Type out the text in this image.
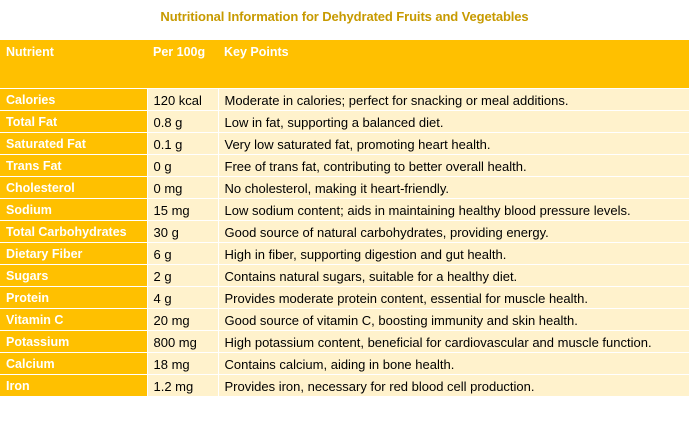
Nutritional Information for Dehydrated Fruits and Vegetables
Nutrient	Per 100g	Key Points
Calories	120 kcal	Moderate in calories; perfect for snacking or meal additions.
Total Fat	0.8 g	Low in fat, supporting a balanced diet.
Saturated Fat	0.1 g	Very low saturated fat, promoting heart health.
Trans Fat	0 g	Free of trans fat, contributing to better overall health.
Cholesterol	0 mg	No cholesterol, making it heart-friendly.
Sodium	15 mg	Low sodium content; aids in maintaining healthy blood pressure levels.
Total Carbohydrates	30 g	Good source of natural carbohydrates, providing energy.
Dietary Fiber	6 g	High in fiber, supporting digestion and gut health.
Sugars	2 g	Contains natural sugars, suitable for a healthy diet.
Protein	4 g	Provides moderate protein content, essential for muscle health.
Vitamin C	20 mg	Good source of vitamin C, boosting immunity and skin health.
Potassium	800 mg	High potassium content, beneficial for cardiovascular and muscle function.
Calcium	18 mg	Contains calcium, aiding in bone health.
Iron	1.2 mg	Provides iron, necessary for red blood cell production.
